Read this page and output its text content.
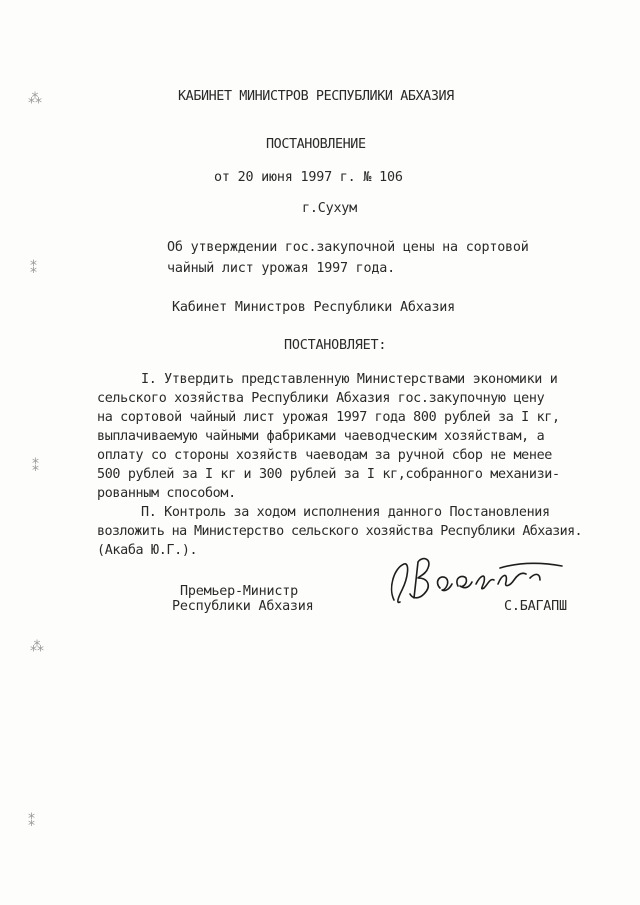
⁂
⁑
⁑
⁂
⁑
КАБИНЕТ МИНИСТРОВ РЕСПУБЛИКИ АБХАЗИЯ
ПОСТАНОВЛЕНИЕ
от 20 июня 1997 г. № 106
г.Сухум
Об утверждении гос.закупочной цены на сортовой
чайный лист урожая 1997 года.
Кабинет Министров Республики Абхазия
ПОСТАНОВЛЯЕТ:
I. Утвердить представленную Министерствами экономики и
сельского хозяйства Республики Абхазия гос.закупочную цену
на сортовой чайный лист урожая 1997 года 800 рублей за I кг,
выплачиваемую чайными фабриками чаеводческим хозяйствам, а
оплату со стороны хозяйств чаеводам за ручной сбор не менее
500 рублей за I кг и 300 рублей за I кг,собранного механизи-
рованным способом.
П. Контроль за ходом исполнения данного Постановления
возложить на Министерство сельского хозяйства Республики Абхазия.
(Акаба Ю.Г.).
Премьер-Министр
Республики Абхазия	С.БАГАПШ
